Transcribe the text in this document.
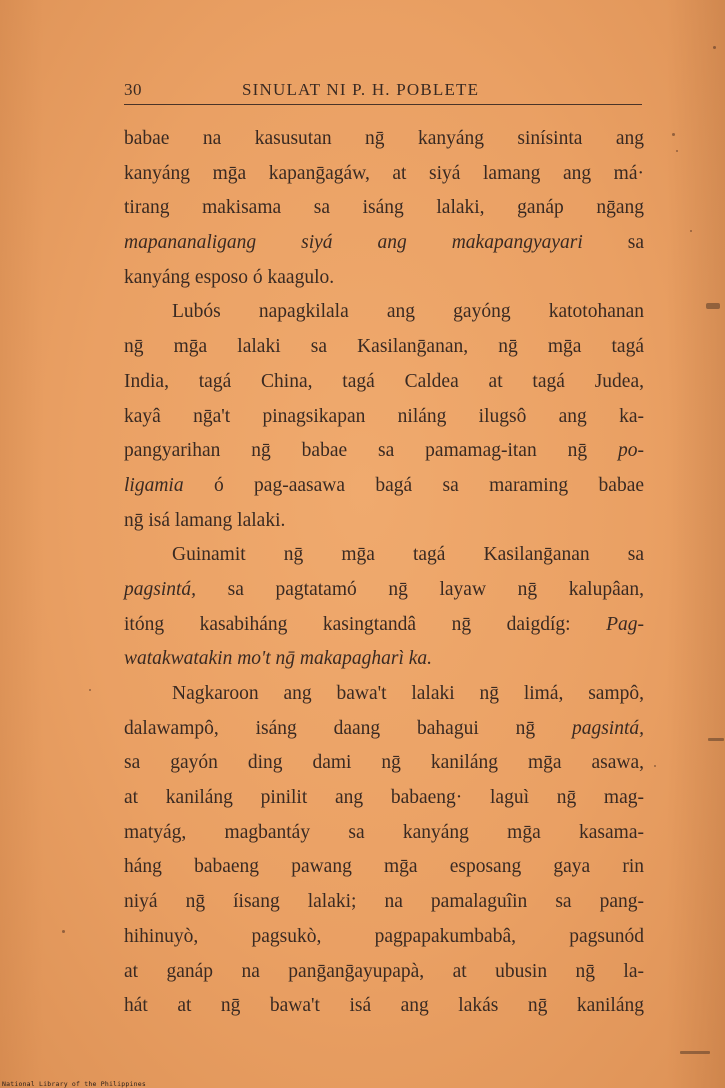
30	SINULAT NI P. H. POBLETE
babae na kasusutan nḡ kanyáng sinísinta ang
kanyáng mḡa kapanḡagáw, at siyá lamang ang má·
tirang makisama sa isáng lalaki, ganáp nḡang
mapananaligang siyá ang makapangyayari sa
kanyáng esposo ó kaagulo.
Lubós napagkilala ang gayóng katotohanan
nḡ mḡa lalaki sa Kasilanḡanan, nḡ mḡa tagá
India, tagá China, tagá Caldea at tagá Judea,
kayâ nḡa't pinagsikapan niláng ilugsô ang ka-
pangyarihan nḡ babae sa pamamag-itan nḡ po-
ligamia ó pag-aasawa bagá sa maraming babae
nḡ isá lamang lalaki.
Guinamit nḡ mḡa tagá Kasilanḡanan sa
pagsintá, sa pagtatamó nḡ layaw nḡ kalupâan,
itóng kasabiháng kasingtandâ nḡ daigdíg: Pag-
watakwatakin mo't nḡ makapagharì ka.
Nagkaroon ang bawa't lalaki nḡ limá, sampô,
dalawampô, isáng daang bahagui nḡ pagsintá,
sa gayón ding dami nḡ kaniláng mḡa asawa,
at kaniláng pinilit ang babaeng· laguì nḡ mag-
matyág, magbantáy sa kanyáng mḡa kasama-
háng babaeng pawang mḡa esposang gaya rin
niyá nḡ íisang lalaki; na pamalaguîin sa pang-
hihinuyò, pagsukò, pagpapakumbabâ, pagsunód
at ganáp na panḡanḡayupapà, at ubusin nḡ la-
hát at nḡ bawa't isá ang lakás nḡ kaniláng
National Library of the Philippines
